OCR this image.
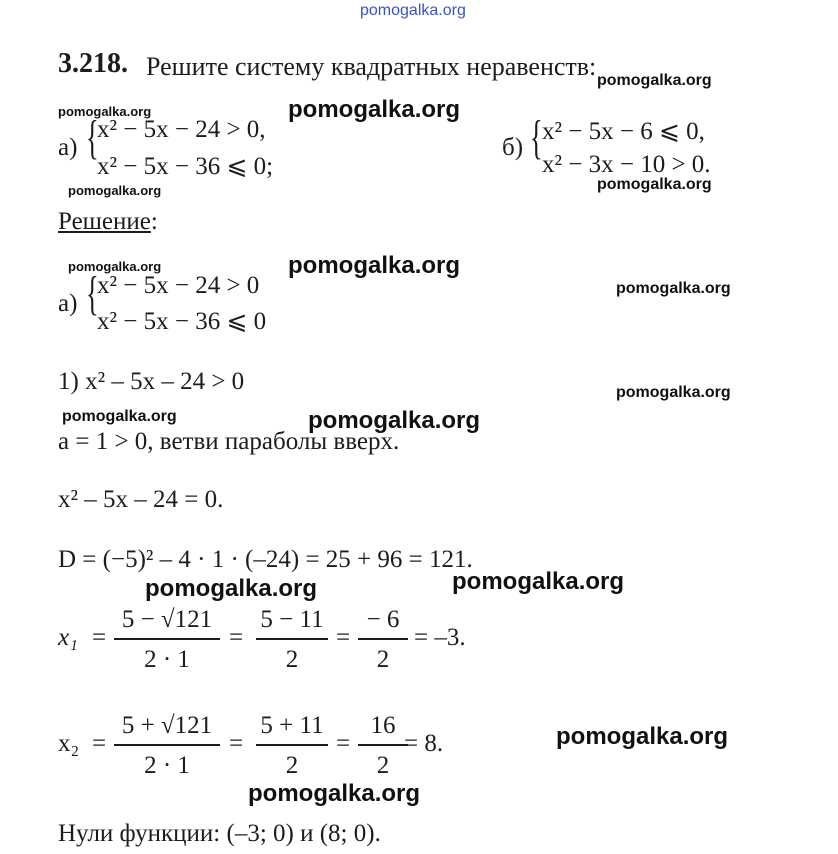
pomogalka.org
pomogalka.org
pomogalka.org
pomogalka.org
pomogalka.org
pomogalka.org
pomogalka.org	pomogalka.org
pomogalka.org
pomogalka.org
pomogalka.org	pomogalka.org
pomogalka.org
pomogalka.org
pomogalka.org
pomogalka.org
3.218. Решите систему квадратных неравенств:
а) {
x² − 5x − 24 > 0,
x² − 5x − 36 ⩽ 0;
б) { x² − 5x − 6 ⩽ 0,
x² − 3x − 10 > 0.
Решение:
а) {
x² − 5x − 24 > 0
x² − 5x − 36 ⩽ 0
1) x² – 5x – 24 > 0
a = 1 > 0, ветви параболы вверх.
x² – 5x – 24 = 0.
D = (−5)² – 4 · 1 · (–24) = 25 + 96 = 121.
x₁ =
5 − √121
2 · 1
=
5 − 11
2
=
− 6
2
= –3.
x₂ =
5 + √121
2 · 1
=
5 + 11
2
=
16
2
= 8.
Нули функции: (–3; 0) и (8; 0).
